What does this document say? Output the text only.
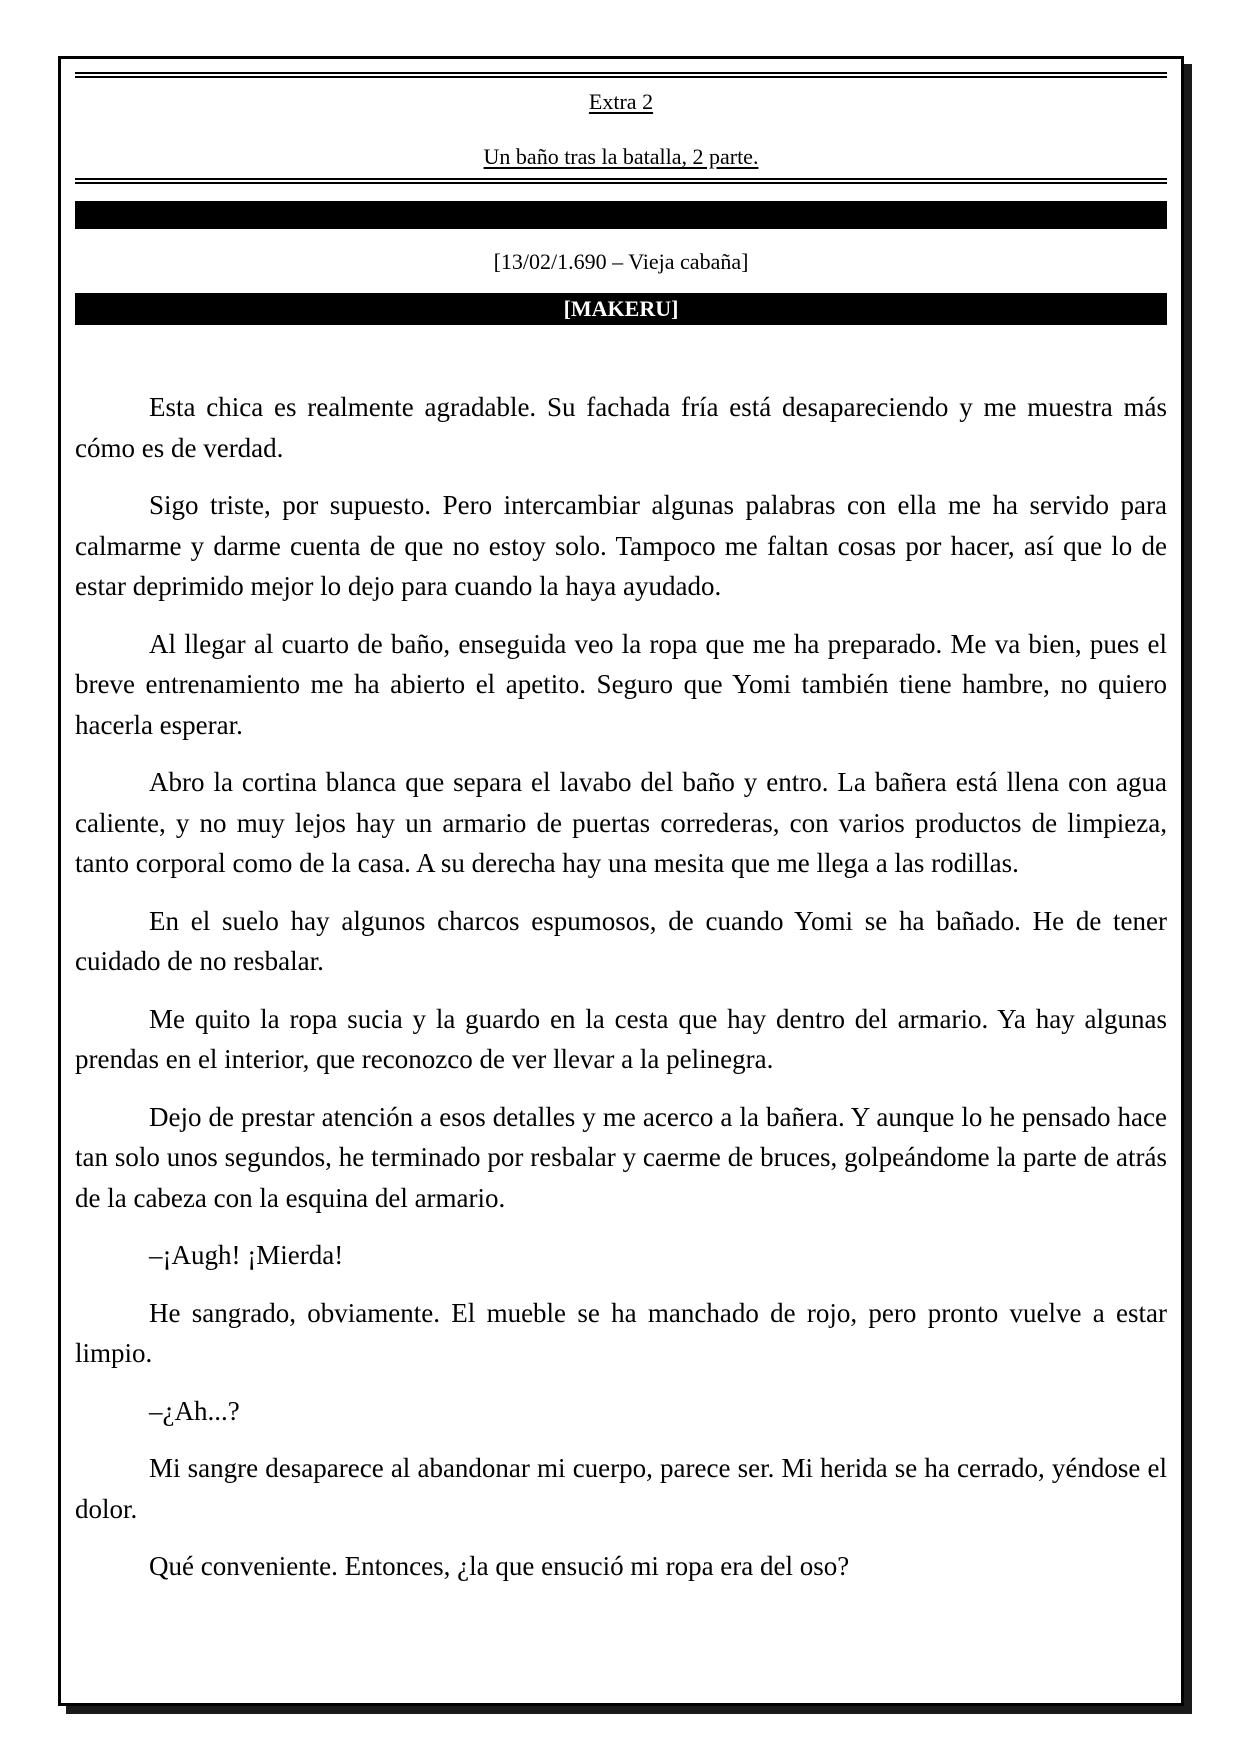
Extra 2
Un baño tras la batalla, 2 parte.
[13/02/1.690 – Vieja cabaña]
[MAKERU]

Esta chica es realmente agradable. Su fachada fría está desapareciendo y me muestra más cómo es de verdad.

Sigo triste, por supuesto. Pero intercambiar algunas palabras con ella me ha servido para calmarme y darme cuenta de que no estoy solo. Tampoco me faltan cosas por hacer, así que lo de estar deprimido mejor lo dejo para cuando la haya ayudado.

Al llegar al cuarto de baño, enseguida veo la ropa que me ha preparado. Me va bien, pues el breve entrenamiento me ha abierto el apetito. Seguro que Yomi también tiene hambre, no quiero hacerla esperar.

Abro la cortina blanca que separa el lavabo del baño y entro. La bañera está llena con agua caliente, y no muy lejos hay un armario de puertas correderas, con varios productos de limpieza, tanto corporal como de la casa. A su derecha hay una mesita que me llega a las rodillas.

En el suelo hay algunos charcos espumosos, de cuando Yomi se ha bañado. He de tener cuidado de no resbalar.

Me quito la ropa sucia y la guardo en la cesta que hay dentro del armario. Ya hay algunas prendas en el interior, que reconozco de ver llevar a la pelinegra.

Dejo de prestar atención a esos detalles y me acerco a la bañera. Y aunque lo he pensado hace tan solo unos segundos, he terminado por resbalar y caerme de bruces, golpeándome la parte de atrás de la cabeza con la esquina del armario.

–¡Augh! ¡Mierda!

He sangrado, obviamente. El mueble se ha manchado de rojo, pero pronto vuelve a estar limpio.

–¿Ah...?

Mi sangre desaparece al abandonar mi cuerpo, parece ser. Mi herida se ha cerrado, yéndose el dolor.

Qué conveniente. Entonces, ¿la que ensució mi ropa era del oso?
